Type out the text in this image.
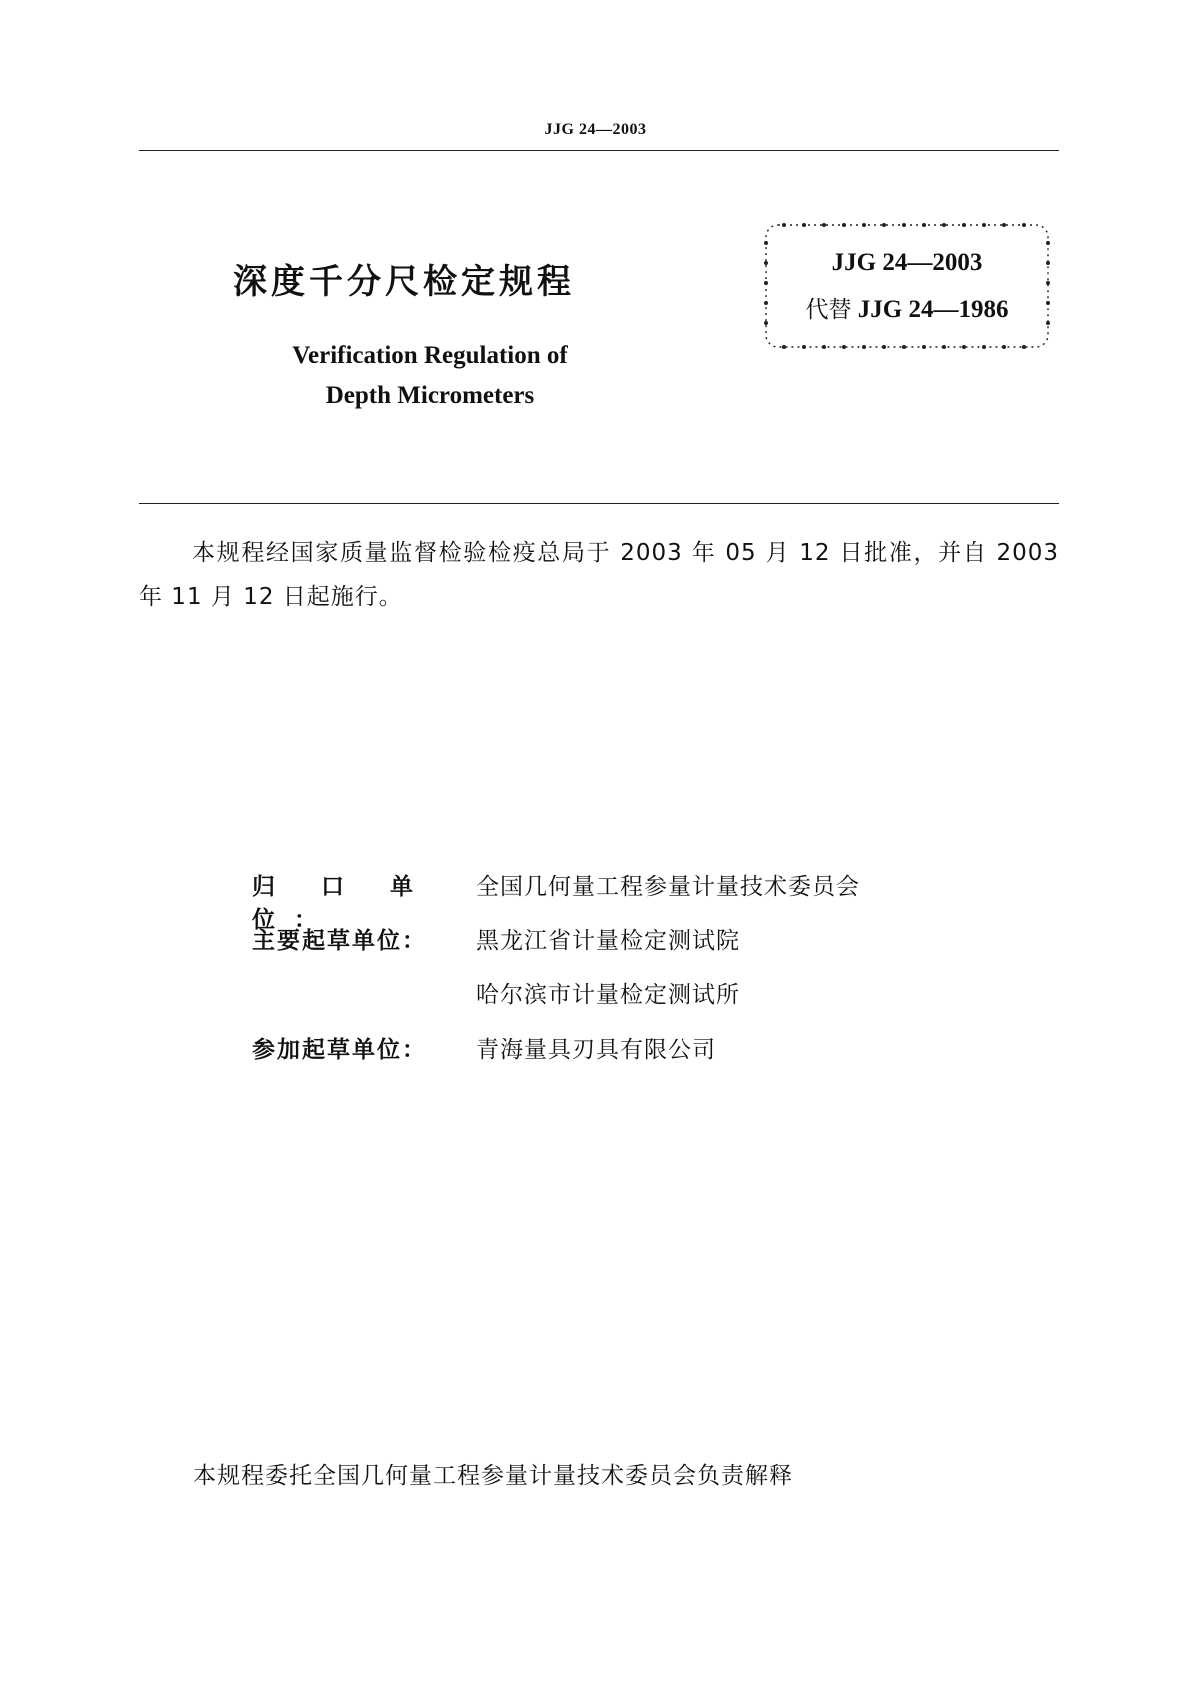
JJG 24—2003
深度千分尺检定规程
Verification Regulation of
Depth Micrometers
JJG 24—2003
代替 JJG 24—1986
本规程经国家质量监督检验检疫总局于 2003 年 05 月 12 日批准，并自 2003 年 11 月 12 日起施行。
归 口 单 位：
全国几何量工程参量计量技术委员会
主要起草单位：	黑龙江省计量检定测试院
哈尔滨市计量检定测试所
参加起草单位：	青海量具刃具有限公司
本规程委托全国几何量工程参量计量技术委员会负责解释
